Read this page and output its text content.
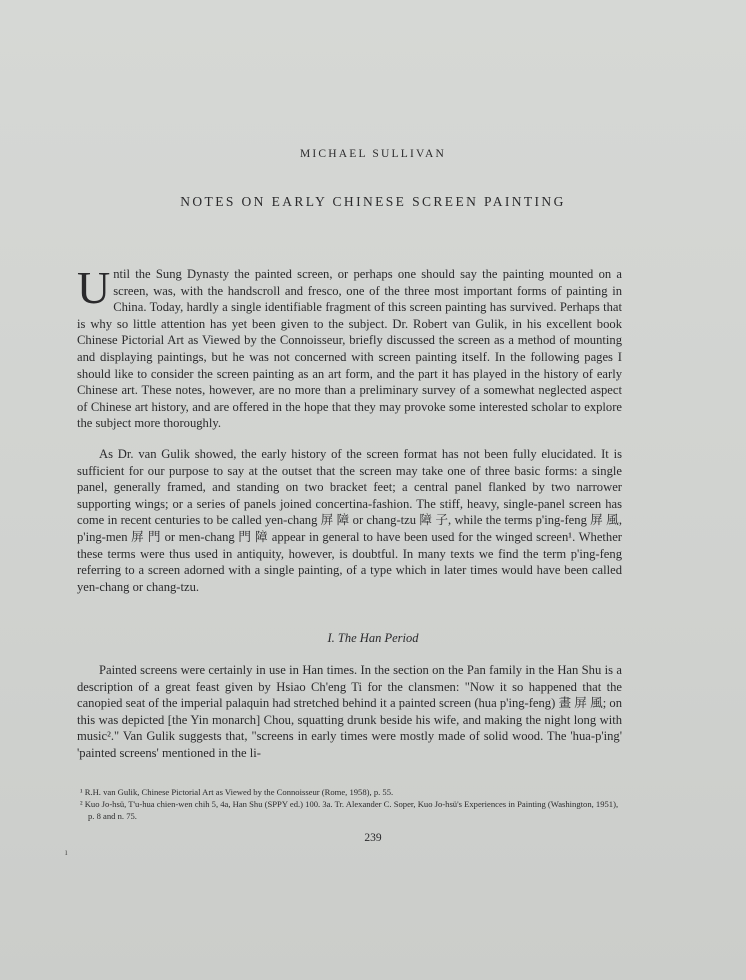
MICHAEL SULLIVAN
NOTES ON EARLY CHINESE SCREEN PAINTING

Until the Sung Dynasty the painted screen, or perhaps one should say the painting mounted on a screen, was, with the handscroll and fresco, one of the three most important forms of painting in China. Today, hardly a single identifiable fragment of this screen painting has survived. Perhaps that is why so little attention has yet been given to the subject. Dr. Robert van Gulik, in his excellent book Chinese Pictorial Art as Viewed by the Connoisseur, briefly discussed the screen as a method of mounting and displaying paintings, but he was not concerned with screen painting itself. In the following pages I should like to consider the screen painting as an art form, and the part it has played in the history of early Chinese art. These notes, however, are no more than a preliminary survey of a somewhat neglected aspect of Chinese art history, and are offered in the hope that they may provoke some interested scholar to explore the subject more thoroughly.

As Dr. van Gulik showed, the early history of the screen format has not been fully elucidated. It is sufficient for our purpose to say at the outset that the screen may take one of three basic forms: a single panel, generally framed, and standing on two bracket feet; a central panel flanked by two narrower supporting wings; or a series of panels joined concertina-fashion. The stiff, heavy, single-panel screen has come in recent centuries to be called yen-chang 屏 障 or chang-tzu 障 子, while the terms p'ing-feng 屏 風, p'ing-men 屏 門 or men-chang 門 障 appear in general to have been used for the winged screen¹. Whether these terms were thus used in antiquity, however, is doubtful. In many texts we find the term p'ing-feng referring to a screen adorned with a single painting, of a type which in later times would have been called yen-chang or chang-tzu.

I. The Han Period

Painted screens were certainly in use in Han times. In the section on the Pan family in the Han Shu is a description of a great feast given by Hsiao Ch'eng Ti for the clansmen: "Now it so happened that the canopied seat of the imperial palaquin had stretched behind it a painted screen (hua p'ing-feng) 畫 屏 風; on this was depicted [the Yin monarch] Chou, squatting drunk beside his wife, and making the night long with music²." Van Gulik suggests that, "screens in early times were mostly made of solid wood. The 'hua-p'ing' 'painted screens' mentioned in the li-

¹ R.H. van Gulik, Chinese Pictorial Art as Viewed by the Connoisseur (Rome, 1958), p. 55.

² Kuo Jo-hsü, T'u-hua chien-wen chih 5, 4a, Han Shu (SPPY ed.) 100. 3a. Tr. Alexander C. Soper, Kuo Jo-hsü's Experiences in Painting (Washington, 1951), p. 8 and n. 75.

239
ı
